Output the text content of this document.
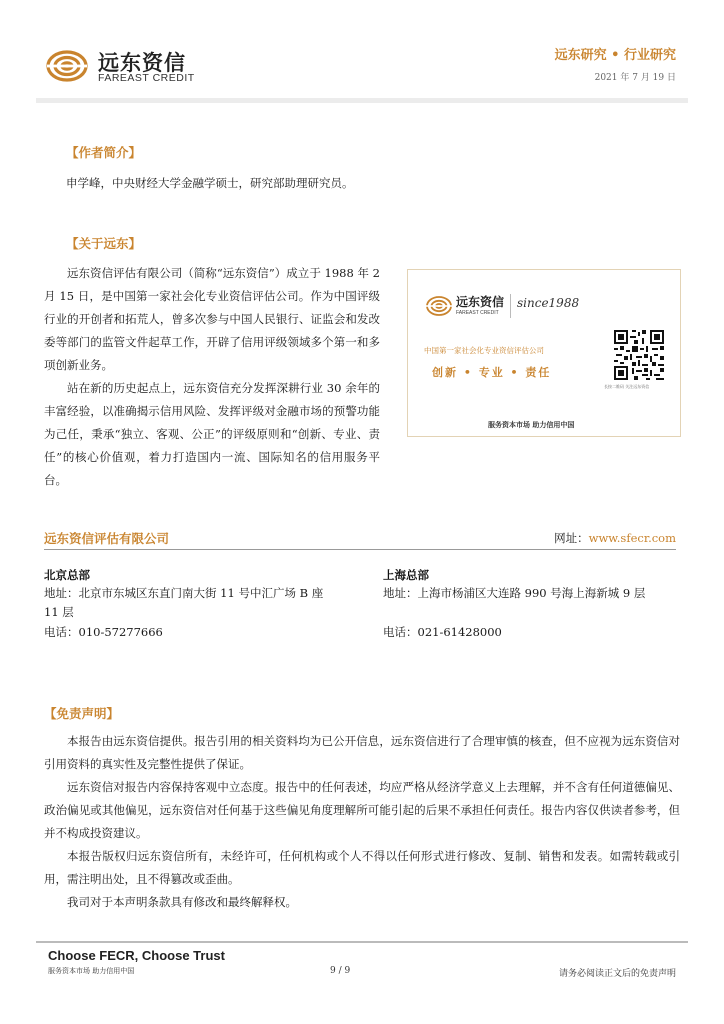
远东资信
FAREAST CREDIT
远东研究 • 行业研究
2021 年 7 月 19 日
【作者简介】
申学峰，中央财经大学金融学硕士，研究部助理研究员。
【关于远东】

远东资信评估有限公司（简称“远东资信”）成立于 1988 年 2 月 15 日，是中国第一家社会化专业资信评估公司。作为中国评级行业的开创者和拓荒人，曾多次参与中国人民银行、证监会和发改委等部门的监管文件起草工作，开辟了信用评级领域多个第一和多项创新业务。

站在新的历史起点上，远东资信充分发挥深耕行业 30 余年的丰富经验，以准确揭示信用风险、发挥评级对金融市场的预警功能为己任，秉承“独立、客观、公正”的评级原则和“创新、专业、责任”的核心价值观，着力打造国内一流、国际知名的信用服务平台。

远东资信
FAREAST CREDIT
since1988
中国第一家社会化专业资信评估公司
创新 • 专业 • 责任
长按二维码 关注远东资信
服务资本市场 助力信用中国
远东资信评估有限公司	网址：www.sfecr.com
北京总部
地址：北京市东城区东直门南大街 11 号中汇广场 B 座
11 层
电话：010-57277666
上海总部
地址：上海市杨浦区大连路 990 号海上海新城 9 层
电话：021-61428000
【免责声明】

本报告由远东资信提供。报告引用的相关资料均为已公开信息，远东资信进行了合理审慎的核查，但不应视为远东资信对引用资料的真实性及完整性提供了保证。

远东资信对报告内容保持客观中立态度。报告中的任何表述，均应严格从经济学意义上去理解，并不含有任何道德偏见、政治偏见或其他偏见，远东资信对任何基于这些偏见角度理解所可能引起的后果不承担任何责任。报告内容仅供读者参考，但并不构成投资建议。

本报告版权归远东资信所有，未经许可，任何机构或个人不得以任何形式进行修改、复制、销售和发表。如需转载或引用，需注明出处，且不得篡改或歪曲。

我司对于本声明条款具有修改和最终解释权。

Choose FECR, Choose Trust
服务资本市场 助力信用中国	9 / 9	请务必阅读正文后的免责声明
